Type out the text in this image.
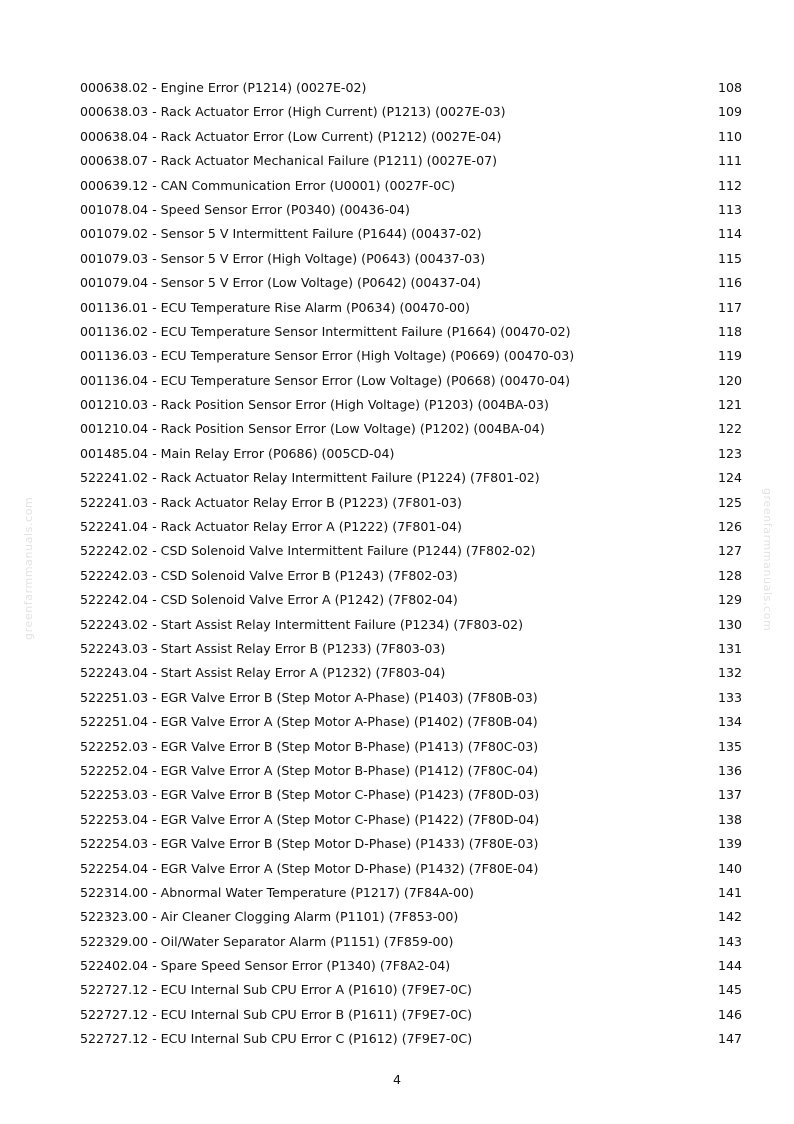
000638.02 - Engine Error (P1214) (0027E-02)	108
000638.03 - Rack Actuator Error (High Current) (P1213) (0027E-03)	109
000638.04 - Rack Actuator Error (Low Current) (P1212) (0027E-04)	110
000638.07 - Rack Actuator Mechanical Failure (P1211) (0027E-07)	111
000639.12 - CAN Communication Error (U0001) (0027F-0C)	112
001078.04 - Speed Sensor Error (P0340) (00436-04)	113
001079.02 - Sensor 5 V Intermittent Failure (P1644) (00437-02)	114
001079.03 - Sensor 5 V Error (High Voltage) (P0643) (00437-03)	115
001079.04 - Sensor 5 V Error (Low Voltage) (P0642) (00437-04)	116
001136.01 - ECU Temperature Rise Alarm (P0634) (00470-00)	117
001136.02 - ECU Temperature Sensor Intermittent Failure (P1664) (00470-02)	118
001136.03 - ECU Temperature Sensor Error (High Voltage) (P0669) (00470-03)	119
001136.04 - ECU Temperature Sensor Error (Low Voltage) (P0668) (00470-04)	120
001210.03 - Rack Position Sensor Error (High Voltage) (P1203) (004BA-03)	121
001210.04 - Rack Position Sensor Error (Low Voltage) (P1202) (004BA-04)	122
001485.04 - Main Relay Error (P0686) (005CD-04)	123
522241.02 - Rack Actuator Relay Intermittent Failure (P1224) (7F801-02)	124
522241.03 - Rack Actuator Relay Error B (P1223) (7F801-03)	125
522241.04 - Rack Actuator Relay Error A (P1222) (7F801-04)	126
522242.02 - CSD Solenoid Valve Intermittent Failure (P1244) (7F802-02)	127
522242.03 - CSD Solenoid Valve Error B (P1243) (7F802-03)	128
522242.04 - CSD Solenoid Valve Error A (P1242) (7F802-04)	129
522243.02 - Start Assist Relay Intermittent Failure (P1234) (7F803-02)	130
522243.03 - Start Assist Relay Error B (P1233) (7F803-03)	131
522243.04 - Start Assist Relay Error A (P1232) (7F803-04)	132
522251.03 - EGR Valve Error B (Step Motor A-Phase) (P1403) (7F80B-03)	133
522251.04 - EGR Valve Error A (Step Motor A-Phase) (P1402) (7F80B-04)	134
522252.03 - EGR Valve Error B (Step Motor B-Phase) (P1413) (7F80C-03)	135
522252.04 - EGR Valve Error A (Step Motor B-Phase) (P1412) (7F80C-04)	136
522253.03 - EGR Valve Error B (Step Motor C-Phase) (P1423) (7F80D-03)	137
522253.04 - EGR Valve Error A (Step Motor C-Phase) (P1422) (7F80D-04)	138
522254.03 - EGR Valve Error B (Step Motor D-Phase) (P1433) (7F80E-03)	139
522254.04 - EGR Valve Error A (Step Motor D-Phase) (P1432) (7F80E-04)	140
522314.00 - Abnormal Water Temperature (P1217) (7F84A-00)	141
522323.00 - Air Cleaner Clogging Alarm (P1101) (7F853-00)	142
522329.00 - Oil/Water Separator Alarm (P1151) (7F859-00)	143
522402.04 - Spare Speed Sensor Error (P1340) (7F8A2-04)	144
522727.12 - ECU Internal Sub CPU Error A (P1610) (7F9E7-0C)	145
522727.12 - ECU Internal Sub CPU Error B (P1611) (7F9E7-0C)	146
522727.12 - ECU Internal Sub CPU Error C (P1612) (7F9E7-0C)	147
4
greenfarmmanuals.com	greenfarmmanuals.com
